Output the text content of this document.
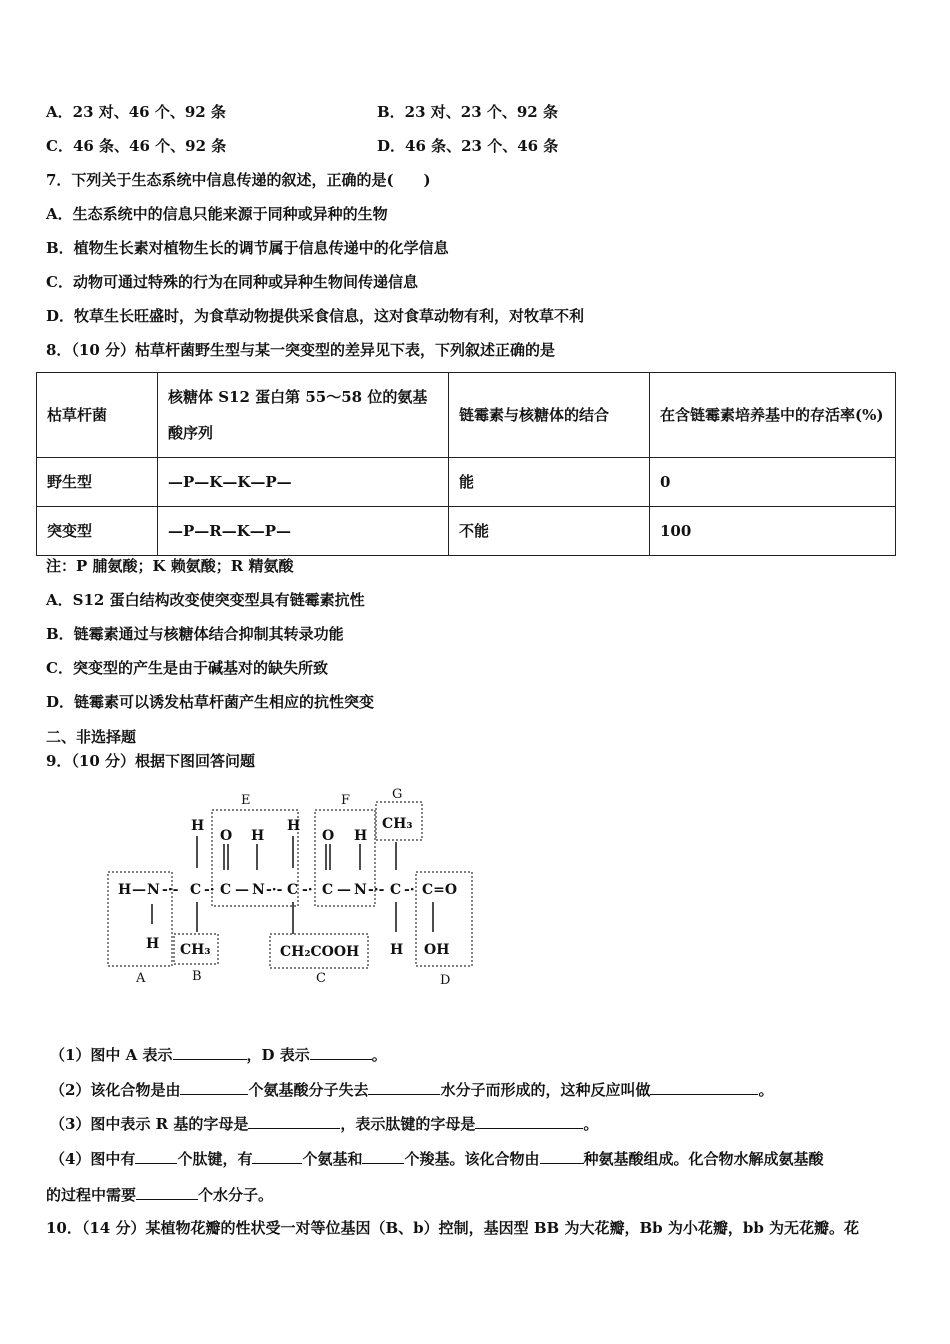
A．23 对、46 个、92 条	B．23 对、23 个、92 条
C．46 条、46 个、92 条	D．46 条、23 个、46 条
7．下列关于生态系统中信息传递的叙述，正确的是(　　)
A．生态系统中的信息只能来源于同种或异种的生物
B．植物生长素对植物生长的调节属于信息传递中的化学信息
C．动物可通过特殊的行为在同种或异种生物间传递信息
D．牧草生长旺盛时，为食草动物提供采食信息，这对食草动物有利，对牧草不利
8．（10 分）枯草杆菌野生型与某一突变型的差异见下表，下列叙述正确的是
枯草杆菌	核糖体 S12 蛋白第 55～58 位的氨基酸序列	链霉素与核糖体的结合	在含链霉素培养基中的存活率(%)
野生型	—P—K—K—P—	能	0
突变型	—P—R—K—P—	不能	100
注：P 脯氨酸；K 赖氨酸；R 精氨酸
A．S12 蛋白结构改变使突变型具有链霉素抗性
B．链霉素通过与核糖体结合抑制其转录功能
C．突变型的产生是由于碱基对的缺失所致
D．链霉素可以诱发枯草杆菌产生相应的抗性突变
二、非选择题
9．（10 分）根据下图回答问题
H — N -·- C -· C — N -·- C -· C — N -·- C -· C=O
H
O H
H
O H
CH₃
H CH₃	CH₂COOH H OH
A	B	C	D
E	F	G
（1）图中 A 表示	，D 表示	。
（2）该化合物是由	个氨基酸分子失去	水分子而形成的，这种反应叫做	。
（3）图中表示 R 基的字母是	，表示肽键的字母是	。
（4）图中有	个肽键，有	个氨基和	个羧基。该化合物由	种氨基酸组成。化合物水解成氨基酸
的过程中需要	个水分子。
10．（14 分）某植物花瓣的性状受一对等位基因（B、b）控制，基因型 BB 为大花瓣，Bb 为小花瓣，bb 为无花瓣。花
